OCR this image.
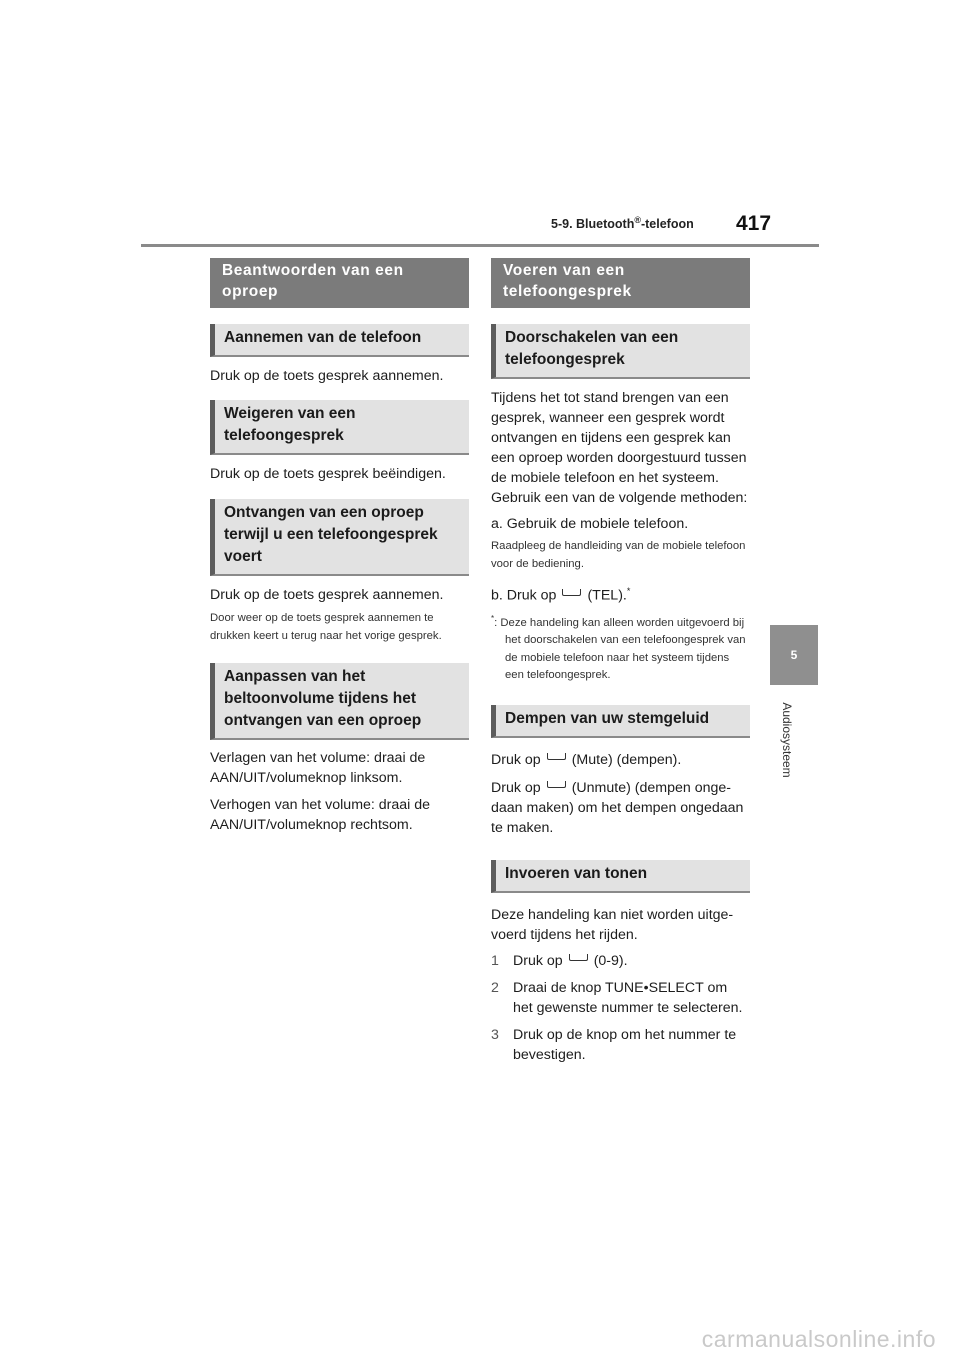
5-9. Bluetooth®-telefoon 417
5
Audiosysteem
Beantwoorden van een oproep
Aannemen van de telefoon

Druk op de toets gesprek aannemen.

Weigeren van een telefoongesprek

Druk op de toets gesprek beëindigen.

Ontvangen van een oproep terwijl u een telefoongesprek voert

Druk op de toets gesprek aannemen.

Door weer op de toets gesprek aannemen te drukken keert u terug naar het vorige gesprek.

Aanpassen van het beltoonvolume tijdens het ontvangen van een oproep

Verlagen van het volume: draai de AAN/UIT/volumeknop linksom.

Verhogen van het volume: draai de AAN/UIT/volumeknop rechtsom.

Voeren van een telefoongesprek
Doorschakelen van een telefoongesprek

Tijdens het tot stand brengen van een gesprek, wanneer een gesprek wordt ontvangen en tijdens een gesprek kan een oproep worden doorgestuurd tussen de mobiele telefoon en het systeem. Gebruik een van de volgende methoden:

a. Gebruik de mobiele telefoon.

Raadpleeg de handleiding van de mobiele telefoon voor de bediening.

b. Druk op (TEL).*

*: Deze handeling kan alleen worden uitgevoerd bij het doorschakelen van een telefoongesprek van de mobiele telefoon naar het systeem tijdens een telefoongesprek.

Dempen van uw stemgeluid

Druk op (Mute) (dempen).

Druk op (Unmute) (dempen ongedaan maken) om het dempen ongedaan te maken.

Invoeren van tonen

Deze handeling kan niet worden uitgevoerd tijdens het rijden.

1 Druk op (0-9).
2 Draai de knop TUNE•SELECT om het gewenste nummer te selecteren.
3 Druk op de knop om het nummer te bevestigen.
carmanualsonline.info
